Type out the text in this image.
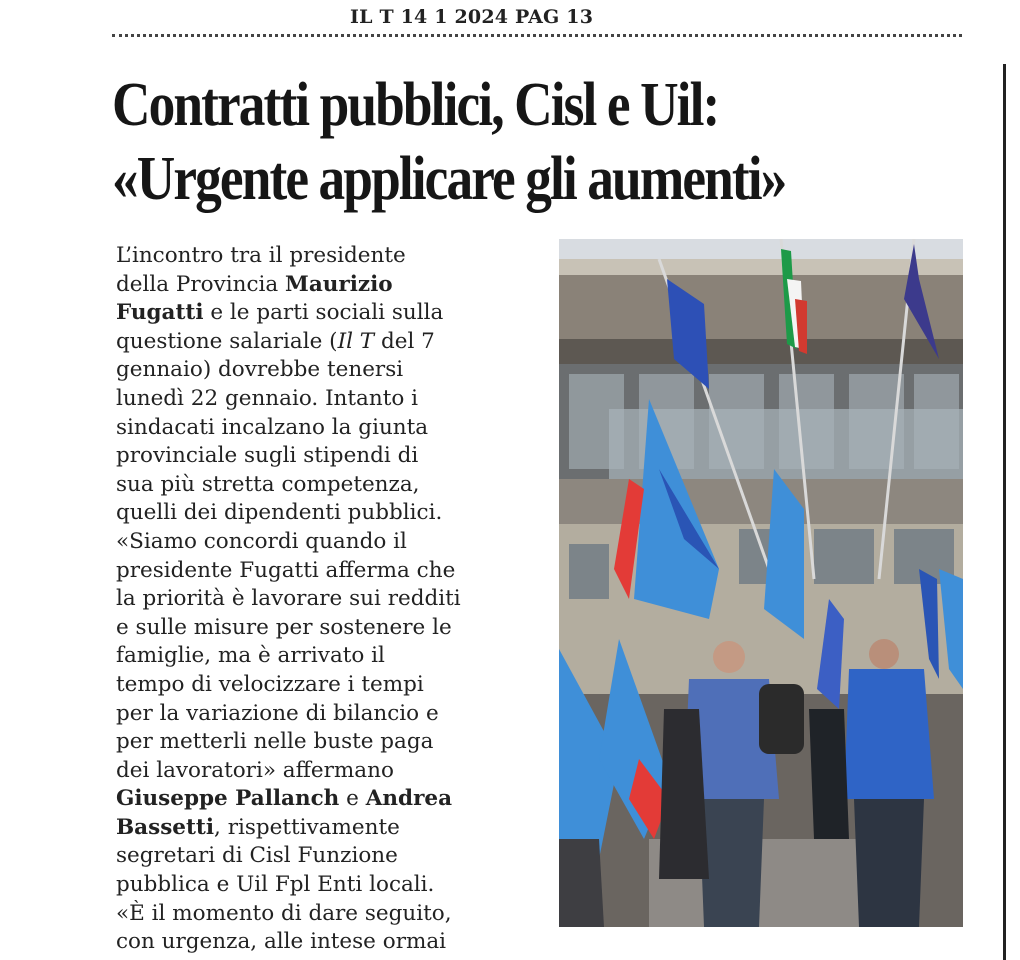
IL T 14 1 2024 PAG 13
Contratti pubblici, Cisl e Uil:
«Urgente applicare gli aumenti»
L’incontro tra il presidente
della Provincia Maurizio
Fugatti e le parti sociali sulla
questione salariale (Il T del 7
gennaio) dovrebbe tenersi
lunedì 22 gennaio. Intanto i
sindacati incalzano la giunta
provinciale sugli stipendi di
sua più stretta competenza,
quelli dei dipendenti pubblici.
«Siamo concordi quando il
presidente Fugatti afferma che
la priorità è lavorare sui redditi
e sulle misure per sostenere le
famiglie, ma è arrivato il
tempo di velocizzare i tempi
per la variazione di bilancio e
per metterli nelle buste paga
dei lavoratori» affermano
Giuseppe Pallanch e Andrea
Bassetti, rispettivamente
segretari di Cisl Funzione
pubblica e Uil Fpl Enti locali.
«È il momento di dare seguito,
con urgenza, alle intese ormai
